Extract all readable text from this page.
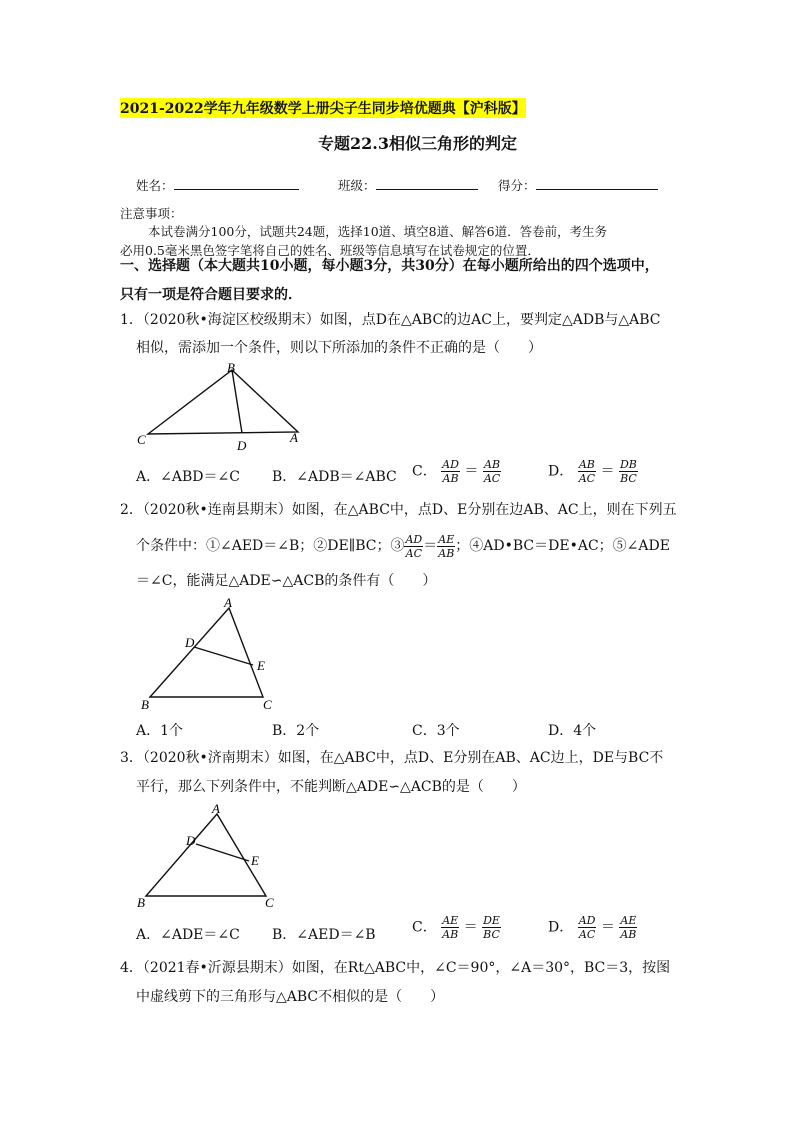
2021-2022学年九年级数学上册尖子生同步培优题典【沪科版】
专题22.3相似三角形的判定
姓名：	班级：	得分：
注意事项：
本试卷满分100分，试题共24题，选择10道、填空8道、解答6道．答卷前，考生务
必用0.5毫米黑色签字笔将自己的姓名、班级等信息填写在试卷规定的位置．
一、选择题（本大题共10小题，每小题3分，共30分）在每小题所给出的四个选项中，
只有一项是符合题目要求的．
1．（2020秋•海淀区校级期末）如图，点D在△ABC的边AC上，要判定△ADB与△ABC
相似，需添加一个条件，则以下所添加的条件不正确的是（　　）
B
C	D
A
A．∠ABD＝∠C B．∠ADB＝∠ABC C． $\frac{AD}{AB} = \frac{AB}{AC}$	D． $\frac{AB}{AC} = \frac{DB}{BC}$
2．（2020秋•连南县期末）如图，在△ABC中，点D、E分别在边AB、AC上，则在下列五
个条件中：①∠AED＝∠B；②DE∥BC；③ $\frac{AD}{AC} = \frac{AE}{AB}$ ；④AD•BC＝DE•AC；⑤∠ADE
＝∠C，能满足△ADE∽△ACB的条件有（　　）
A
D
E
B	C
A．1个	B．2个	C．3个	D．4个
3．（2020秋•济南期末）如图，在△ABC中，点D、E分别在AB、AC边上，DE与BC不
平行，那么下列条件中，不能判断△ADE∽△ACB的是（　　）
A
D
E
B	C
A．∠ADE＝∠C B．∠AED＝∠B	C． $\frac{AE}{AB} = \frac{DE}{BC}$	D． $\frac{AD}{AC} = \frac{AE}{AB}$
4．（2021春•沂源县期末）如图，在Rt△ABC中，∠C＝90°，∠A＝30°，BC＝3，按图
中虚线剪下的三角形与△ABC不相似的是（　　）
